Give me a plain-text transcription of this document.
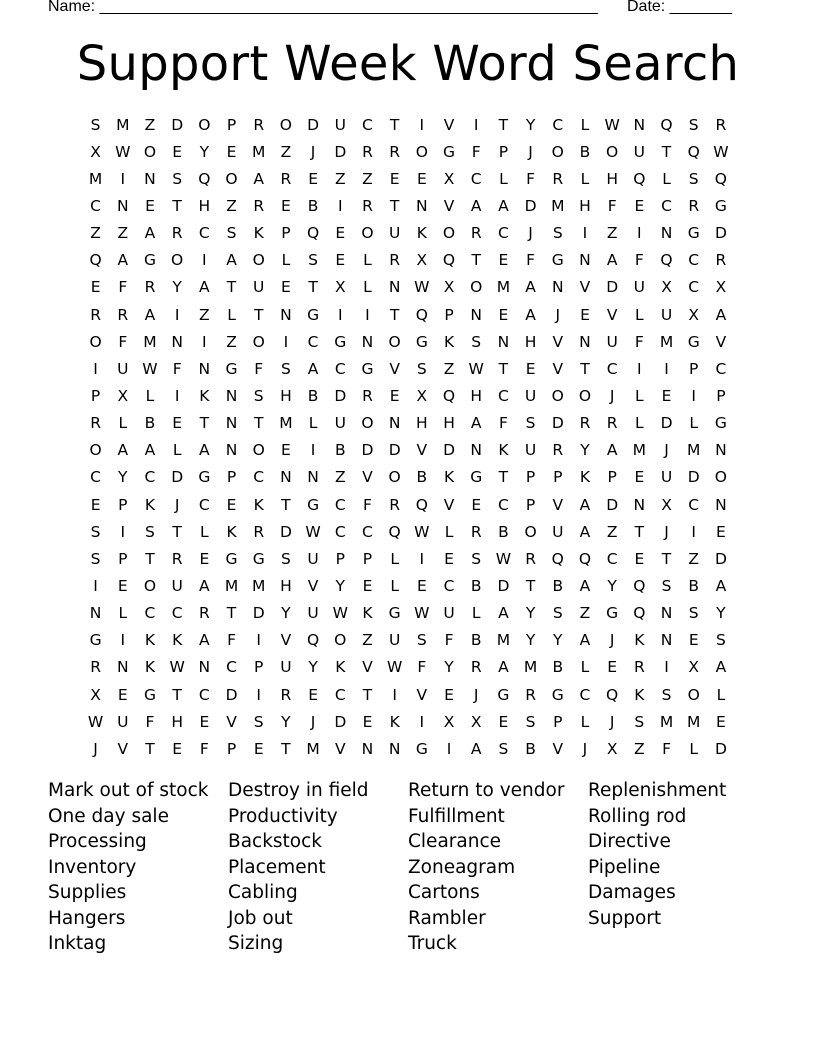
Name: ________________________________________________________

Date: _______

Support Week Word Search
S	M Z	D O	P	R	O D	U	C	T	I	V	I	T	Y	C	L W N Q	S	R
X W O	E	Y	E	M Z	J	D	R	R	O G	F	P	J	O	B	O U	T	Q W
M	I	N	S	Q O	A	R	E	Z	Z	E	E	X	C	L	F	R	L	H Q	L	S	Q
C	N	E	T	H	Z	R	E	B	I	R	T	N	V	A	A	D M H	F	E	C	R	G
Z	Z	A	R	C	S	K	P	Q	E	O U	K	O	R	C	J	S	I	Z	I	N G D
Q	A	G O	I	A	O	L	S	E	L	R	X	Q	T	E	F	G N	A	F	Q	C	R
E	F	R	Y	A	T	U	E	T	X	L	N W X	O M A	N	V	D	U	X	C	X
R	R	A	I	Z	L	T	N G	I	I	T	Q	P	N	E	A	J	E	V	L	U	X	A
O	F	M N	I	Z	O	I	C	G N O G	K	S	N	H	V	N	U	F	M G	V
I	U W F	N G	F	S	A	C	G	V	S	Z W T	E	V	T	C	I	I	P	C
P	X	L	I	K	N	S	H	B	D	R	E	X	Q H	C	U O O	J	L	E	I	P
R	L	B	E	T	N	T	M	L	U O N	H	H	A	F	S	D	R	R	L	D	L	G
O	A	A	L	A	N O	E	I	B	D D	V	D N	K	U	R	Y	A M	J	M N
C	Y	C	D G	P	C	N	N	Z	V	O	B	K	G	T	P	P	K	P	E	U	D O
E	P	K	J	C	E	K	T	G	C	F	R	Q	V	E	C	P	V	A	D N	X	C	N
S	I	S	T	L	K	R	D W C	C	Q W L	R	B	O U	A	Z	T	J	I	E
S	P	T	R	E	G G	S	U	P	P	L	I	E	S W R	Q Q	C	E	T	Z	D
I	E	O U	A M M H	V	Y	E	L	E	C	B	D	T	B	A	Y	Q	S	B	A
N	L	C	C	R	T	D	Y	U W K	G W U	L	A	Y	S	Z	G Q N	S	Y
G	I	K	K	A	F	I	V	Q O	Z	U	S	F	B M	Y	Y	A	J	K	N	E	S
R	N	K W N	C	P	U	Y	K	V W F	Y	R	A M B	L	E	R	I	X	A
X	E	G	T	C	D	I	R	E	C	T	I	V	E	J	G	R	G	C	Q	K	S	O	L
W U	F	H	E	V	S	Y	J	D	E	K	I	X	X	E	S	P	L	J	S	M M	E
J	V	T	E	F	P	E	T	M V	N	N G	I	A	S	B	V	J	X	Z	F	L	D
Mark out of stock	Destroy in field	Return to vendor	Replenishment
One day sale	Productivity	Fulfillment	Rolling rod
Processing	Backstock	Clearance	Directive
Inventory	Placement	Zoneagram	Pipeline
Supplies	Cabling	Cartons	Damages
Hangers	Job out	Rambler	Support
Inktag	Sizing	Truck
